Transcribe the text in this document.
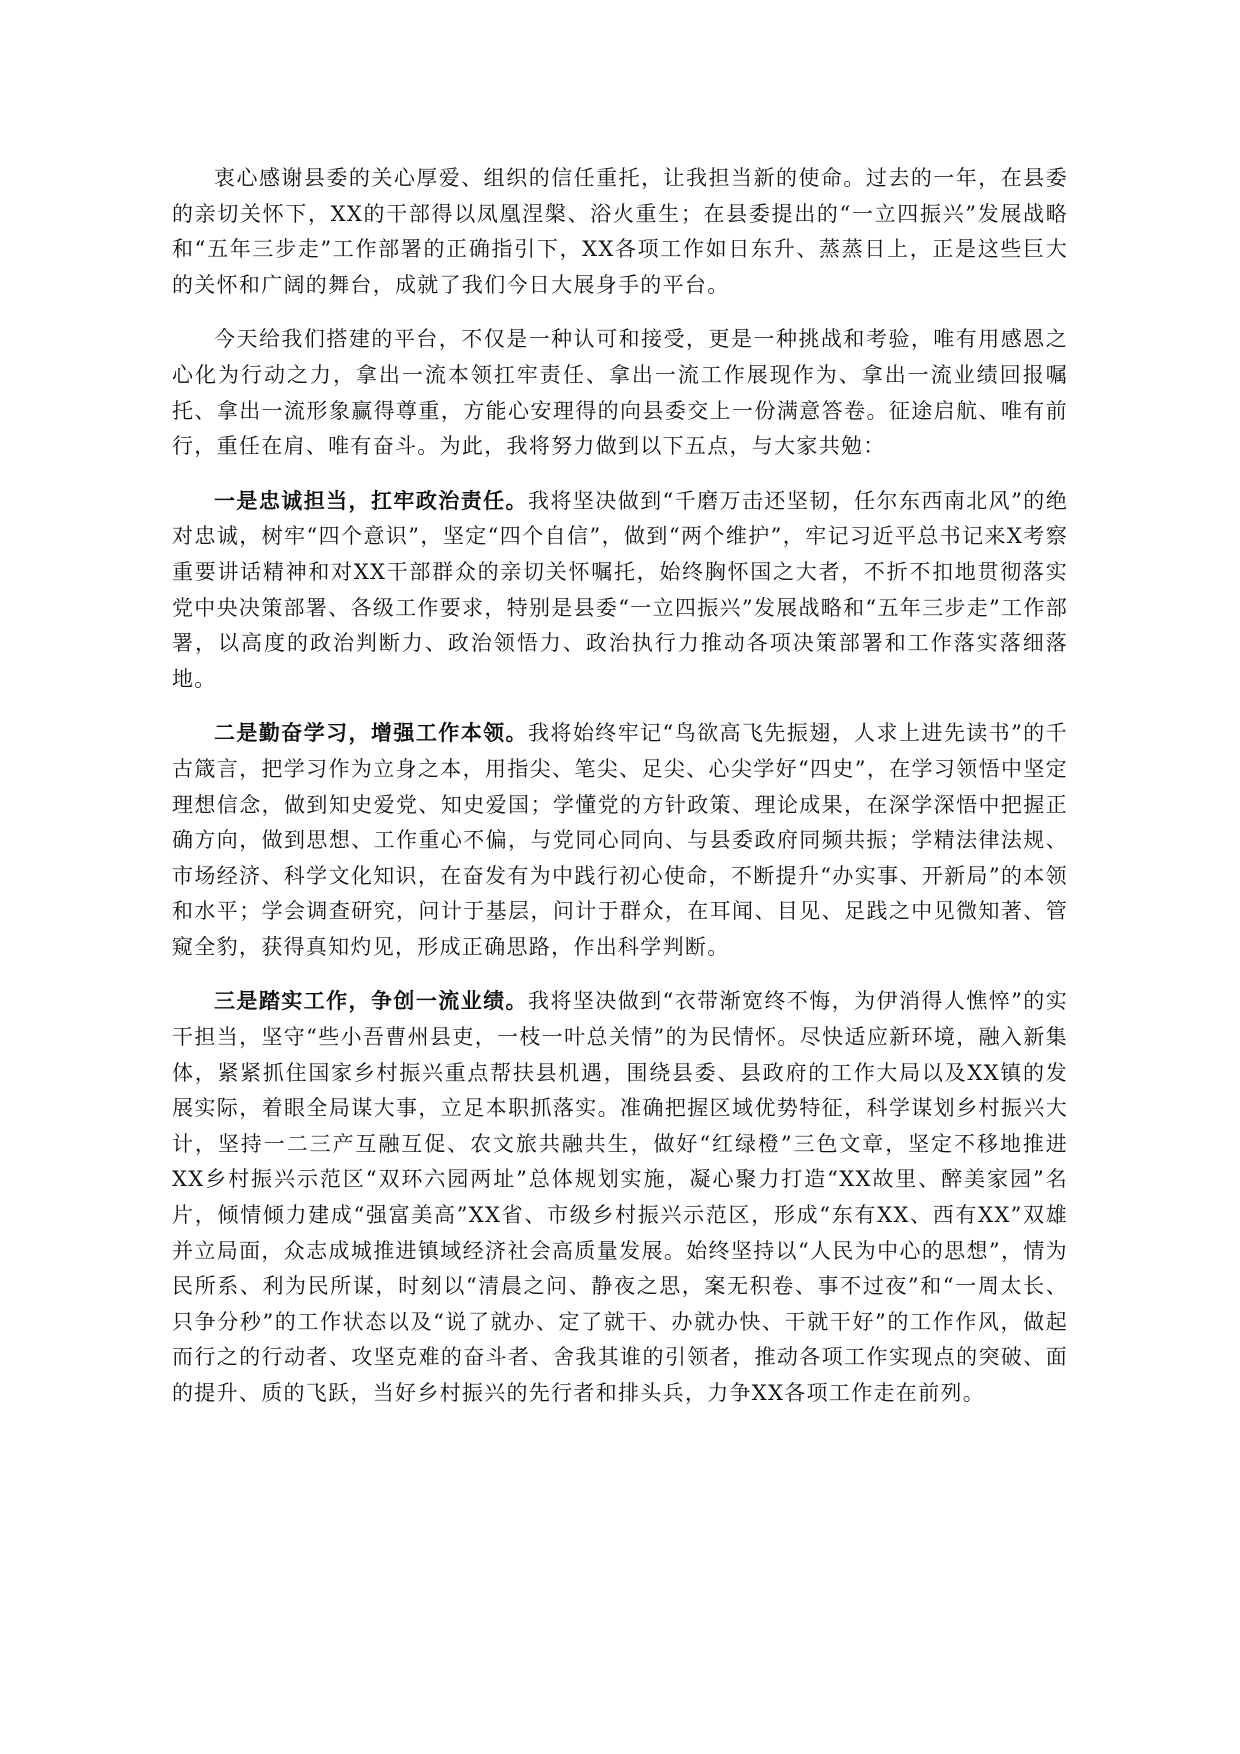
衷心感谢县委的关心厚爱、组织的信任重托，让我担当新的使命。过去的一年，在县委的亲切关怀下，XX的干部得以凤凰涅槃、浴火重生；在县委提出的“一立四振兴”发展战略和“五年三步走”工作部署的正确指引下，XX各项工作如日东升、蒸蒸日上，正是这些巨大的关怀和广阔的舞台，成就了我们今日大展身手的平台。

今天给我们搭建的平台，不仅是一种认可和接受，更是一种挑战和考验，唯有用感恩之心化为行动之力，拿出一流本领扛牢责任、拿出一流工作展现作为、拿出一流业绩回报嘱托、拿出一流形象赢得尊重，方能心安理得的向县委交上一份满意答卷。征途启航、唯有前行，重任在肩、唯有奋斗。为此，我将努力做到以下五点，与大家共勉：

一是忠诚担当，扛牢政治责任。我将坚决做到“千磨万击还坚韧，任尔东西南北风”的绝对忠诚，树牢“四个意识”，坚定“四个自信”，做到“两个维护”，牢记习近平总书记来X考察重要讲话精神和对XX干部群众的亲切关怀嘱托，始终胸怀国之大者，不折不扣地贯彻落实党中央决策部署、各级工作要求，特别是县委“一立四振兴”发展战略和“五年三步走”工作部署，以高度的政治判断力、政治领悟力、政治执行力推动各项决策部署和工作落实落细落地。

二是勤奋学习，增强工作本领。我将始终牢记“鸟欲高飞先振翅，人求上进先读书”的千古箴言，把学习作为立身之本，用指尖、笔尖、足尖、心尖学好“四史”，在学习领悟中坚定理想信念，做到知史爱党、知史爱国；学懂党的方针政策、理论成果，在深学深悟中把握正确方向，做到思想、工作重心不偏，与党同心同向、与县委政府同频共振；学精法律法规、市场经济、科学文化知识，在奋发有为中践行初心使命，不断提升“办实事、开新局”的本领和水平；学会调查研究，问计于基层，问计于群众，在耳闻、目见、足践之中见微知著、管窥全豹，获得真知灼见，形成正确思路，作出科学判断。

三是踏实工作，争创一流业绩。我将坚决做到“衣带渐宽终不悔，为伊消得人憔悴”的实干担当，坚守“些小吾曹州县吏，一枝一叶总关情”的为民情怀。尽快适应新环境，融入新集体，紧紧抓住国家乡村振兴重点帮扶县机遇，围绕县委、县政府的工作大局以及XX镇的发展实际，着眼全局谋大事，立足本职抓落实。准确把握区域优势特征，科学谋划乡村振兴大计，坚持一二三产互融互促、农文旅共融共生，做好“红绿橙”三色文章，坚定不移地推进XX乡村振兴示范区“双环六园两址”总体规划实施，凝心聚力打造“XX故里、醉美家园”名片，倾情倾力建成“强富美高”XX省、市级乡村振兴示范区，形成“东有XX、西有XX”双雄并立局面，众志成城推进镇域经济社会高质量发展。始终坚持以“人民为中心的思想”，情为民所系、利为民所谋，时刻以“清晨之问、静夜之思，案无积卷、事不过夜”和“一周太长、只争分秒”的工作状态以及“说了就办、定了就干、办就办快、干就干好”的工作作风，做起而行之的行动者、攻坚克难的奋斗者、舍我其谁的引领者，推动各项工作实现点的突破、面的提升、质的飞跃，当好乡村振兴的先行者和排头兵，力争XX各项工作走在前列。
